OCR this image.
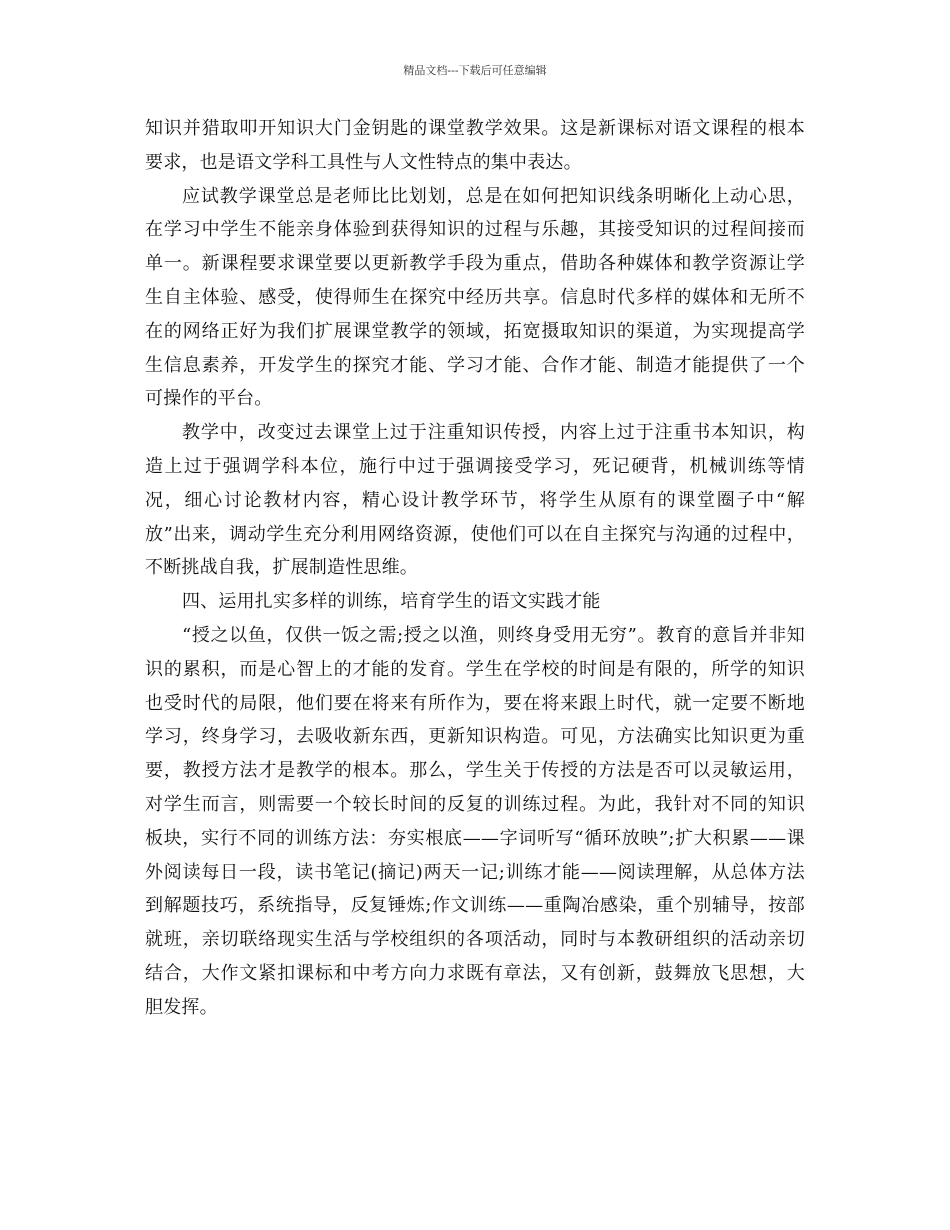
精品文档---下载后可任意编辑
知识并猎取叩开知识大门金钥匙的课堂教学效果。这是新课标对语文课程的根本
要求，也是语文学科工具性与人文性特点的集中表达。
应试教学课堂总是老师比比划划，总是在如何把知识线条明晰化上动心思，
在学习中学生不能亲身体验到获得知识的过程与乐趣，其接受知识的过程间接而
单一。新课程要求课堂要以更新教学手段为重点，借助各种媒体和教学资源让学
生自主体验、感受，使得师生在探究中经历共享。信息时代多样的媒体和无所不
在的网络正好为我们扩展课堂教学的领域，拓宽摄取知识的渠道，为实现提高学
生信息素养，开发学生的探究才能、学习才能、合作才能、制造才能提供了一个
可操作的平台。
教学中，改变过去课堂上过于注重知识传授，内容上过于注重书本知识，构
造上过于强调学科本位，施行中过于强调接受学习，死记硬背，机械训练等情
况，细心讨论教材内容，精心设计教学环节，将学生从原有的课堂圈子中“解
放”出来，调动学生充分利用网络资源，使他们可以在自主探究与沟通的过程中，
不断挑战自我，扩展制造性思维。
四、运用扎实多样的训练，培育学生的语文实践才能
“授之以鱼，仅供一饭之需;授之以渔，则终身受用无穷”。教育的意旨并非知
识的累积，而是心智上的才能的发育。学生在学校的时间是有限的，所学的知识
也受时代的局限，他们要在将来有所作为，要在将来跟上时代，就一定要不断地
学习，终身学习，去吸收新东西，更新知识构造。可见，方法确实比知识更为重
要，教授方法才是教学的根本。那么，学生关于传授的方法是否可以灵敏运用，
对学生而言，则需要一个较长时间的反复的训练过程。为此，我针对不同的知识
板块，实行不同的训练方法：夯实根底——字词听写“循环放映”;扩大积累——课
外阅读每日一段，读书笔记(摘记)两天一记;训练才能——阅读理解，从总体方法
到解题技巧，系统指导，反复锤炼;作文训练——重陶冶感染，重个别辅导，按部
就班，亲切联络现实生活与学校组织的各项活动，同时与本教研组织的活动亲切
结合，大作文紧扣课标和中考方向力求既有章法，又有创新，鼓舞放飞思想，大
胆发挥。
